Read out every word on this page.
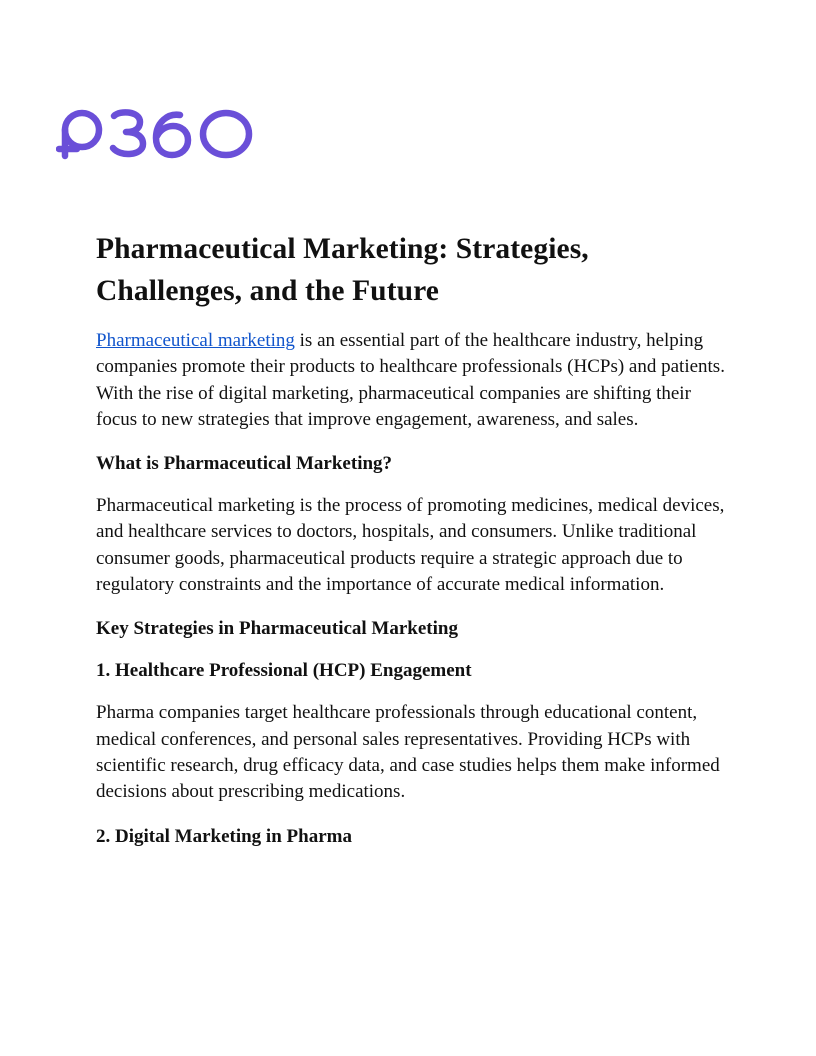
Pharmaceutical Marketing: Strategies, Challenges, and the Future

Pharmaceutical marketing is an essential part of the healthcare industry, helping companies promote their products to healthcare professionals (HCPs) and patients. With the rise of digital marketing, pharmaceutical companies are shifting their focus to new strategies that improve engagement, awareness, and sales.

What is Pharmaceutical Marketing?

Pharmaceutical marketing is the process of promoting medicines, medical devices, and healthcare services to doctors, hospitals, and consumers. Unlike traditional consumer goods, pharmaceutical products require a strategic approach due to regulatory constraints and the importance of accurate medical information.

Key Strategies in Pharmaceutical Marketing
1. Healthcare Professional (HCP) Engagement

Pharma companies target healthcare professionals through educational content, medical conferences, and personal sales representatives. Providing HCPs with scientific research, drug efficacy data, and case studies helps them make informed decisions about prescribing medications.

2. Digital Marketing in Pharma
